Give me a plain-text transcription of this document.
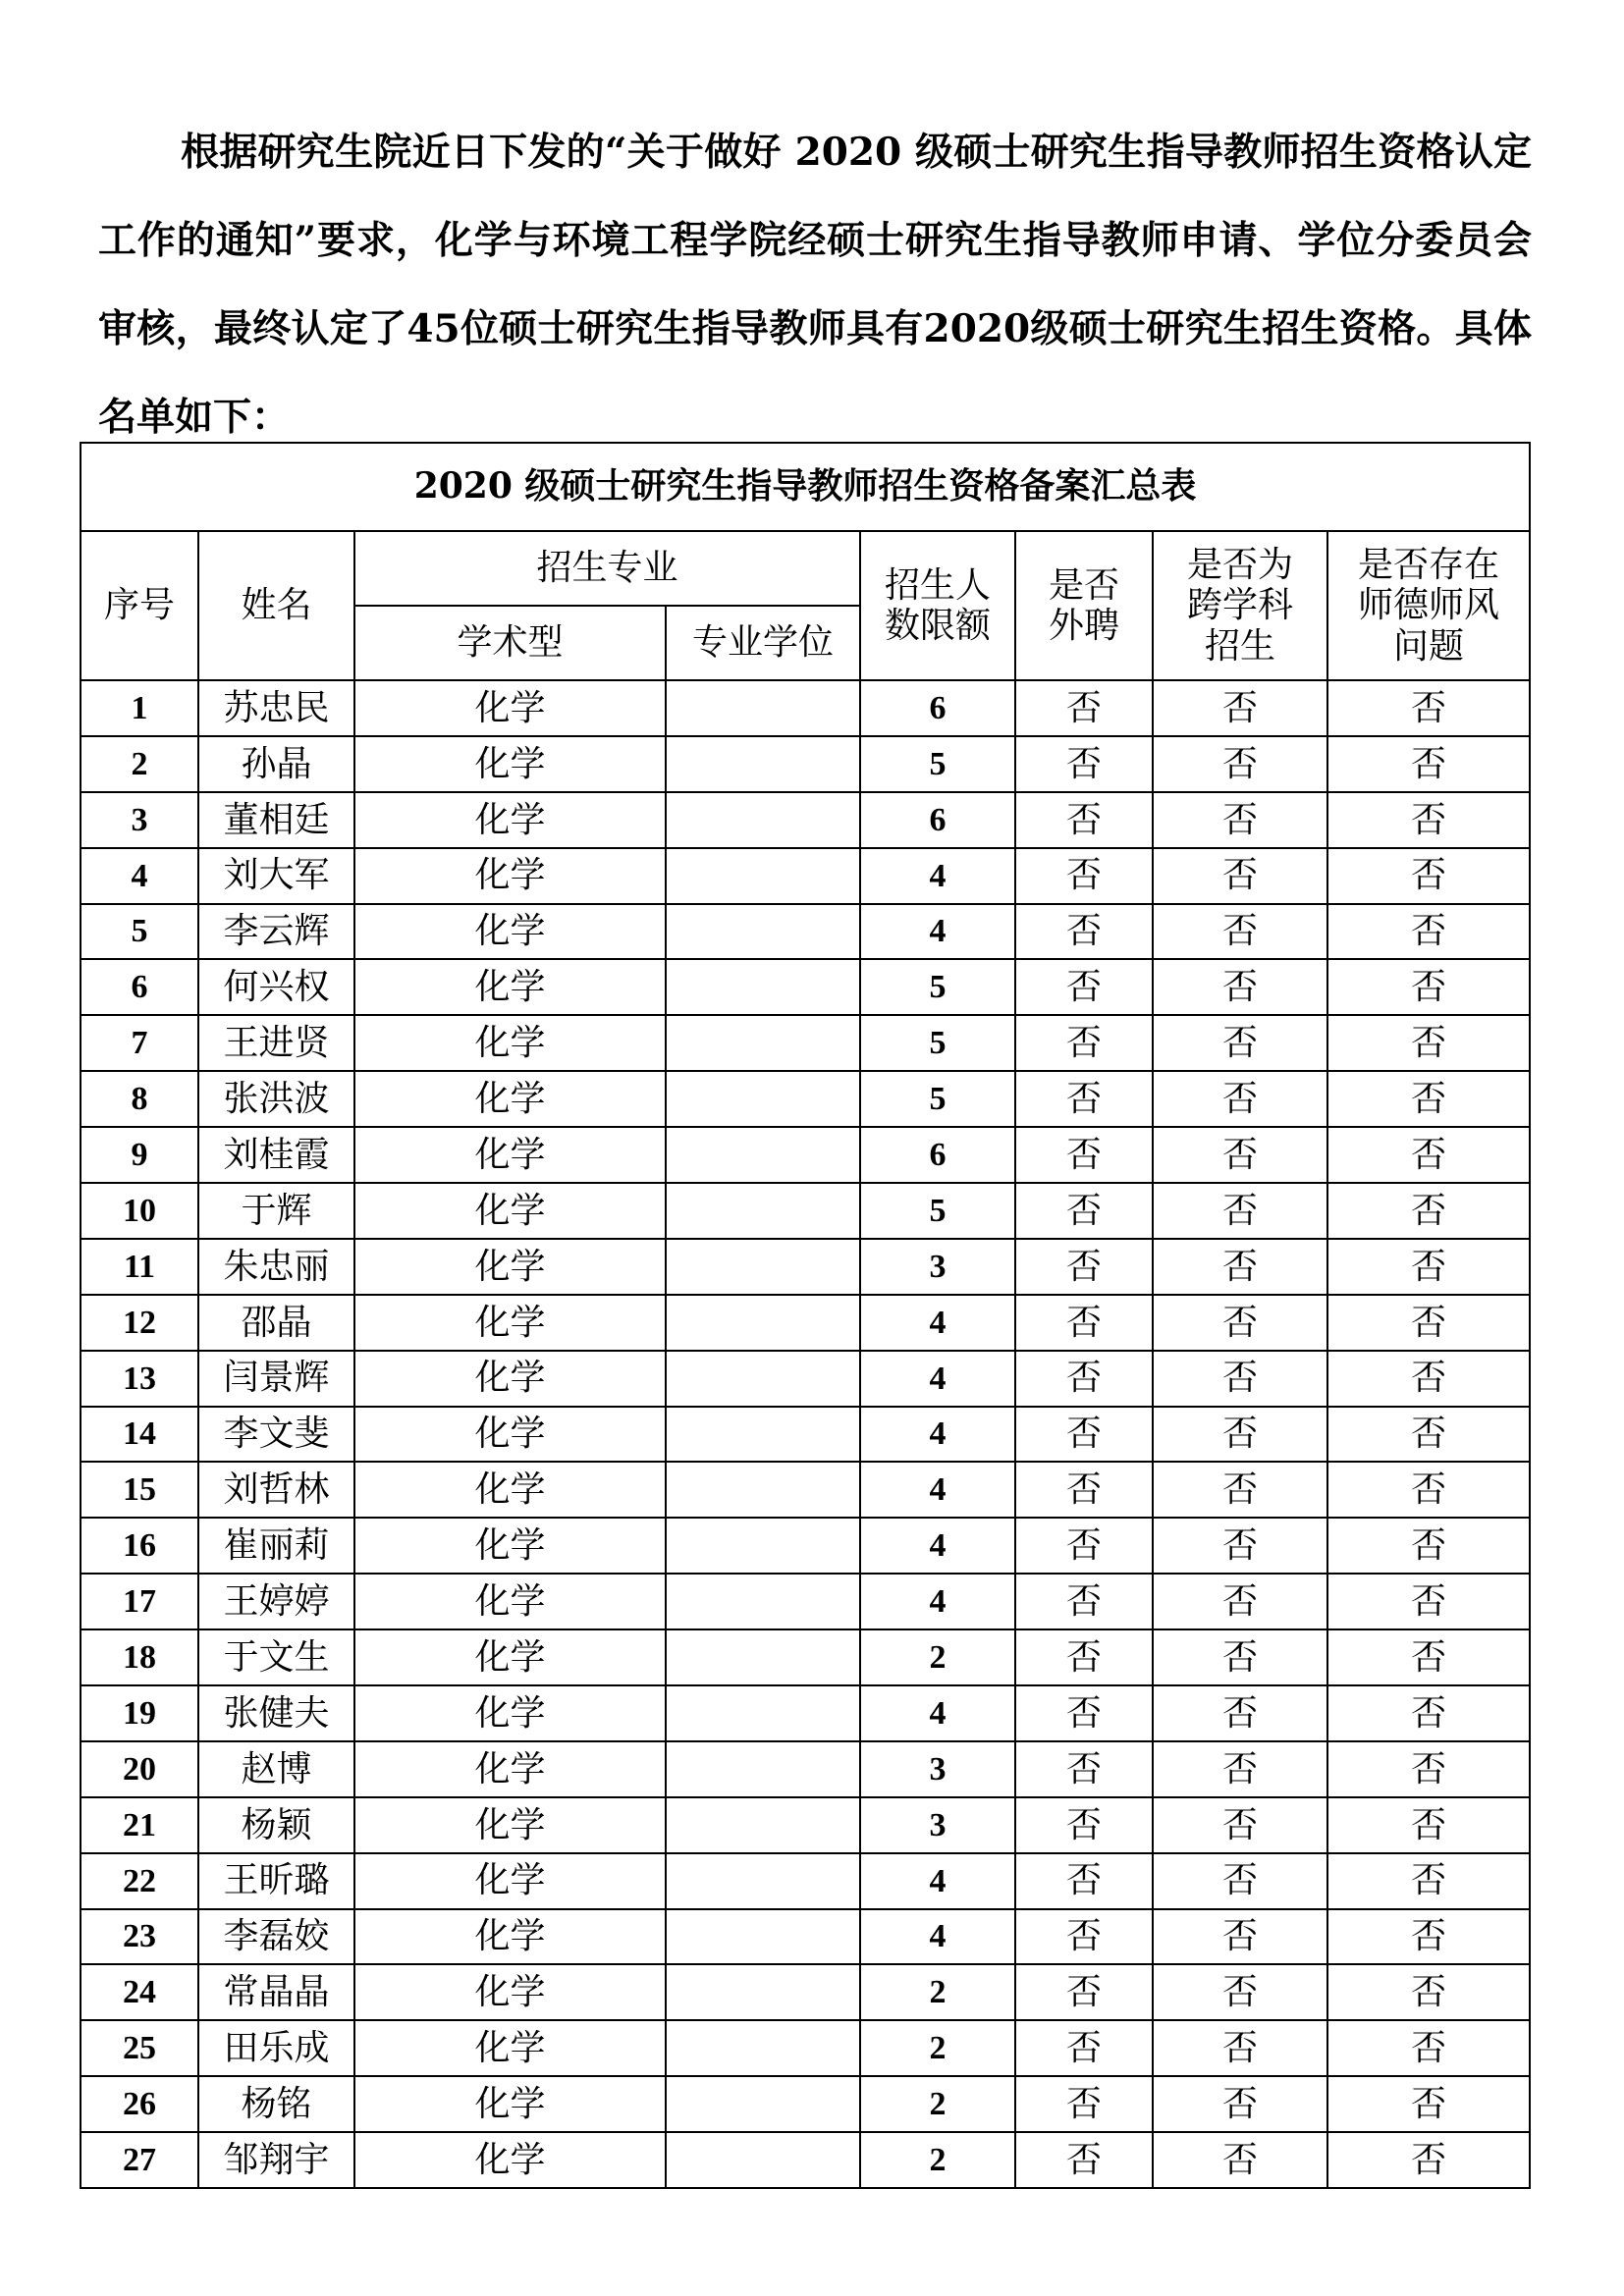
根据研究生院近日下发的“关于做好 2020 级硕士研究生指导教师招生资格认定工作的通知”要求，化学与环境工程学院经硕士研究生指导教师申请、学位分委员会审核，最终认定了45位硕士研究生指导教师具有2020级硕士研究生招生资格。具体名单如下：

2020 级硕士研究生指导教师招生资格备案汇总表							
序号	姓名	招生专业		招生人数限额	是否外聘	是否为跨学科招生	是否存在师德师风问题
		学术型	专业学位				
1	苏忠民	化学		6	否	否	否
2	孙晶	化学		5	否	否	否
3	董相廷	化学		6	否	否	否
4	刘大军	化学		4	否	否	否
5	李云辉	化学		4	否	否	否
6	何兴权	化学		5	否	否	否
7	王进贤	化学		5	否	否	否
8	张洪波	化学		5	否	否	否
9	刘桂霞	化学		6	否	否	否
10	于辉	化学		5	否	否	否
11	朱忠丽	化学		3	否	否	否
12	邵晶	化学		4	否	否	否
13	闫景辉	化学		4	否	否	否
14	李文斐	化学		4	否	否	否
15	刘哲林	化学		4	否	否	否
16	崔丽莉	化学		4	否	否	否
17	王婷婷	化学		4	否	否	否
18	于文生	化学		2	否	否	否
19	张健夫	化学		4	否	否	否
20	赵博	化学		3	否	否	否
21	杨颖	化学		3	否	否	否
22	王昕璐	化学		4	否	否	否
23	李磊姣	化学		4	否	否	否
24	常晶晶	化学		2	否	否	否
25	田乐成	化学		2	否	否	否
26	杨铭	化学		2	否	否	否
27	邹翔宇	化学		2	否	否	否
